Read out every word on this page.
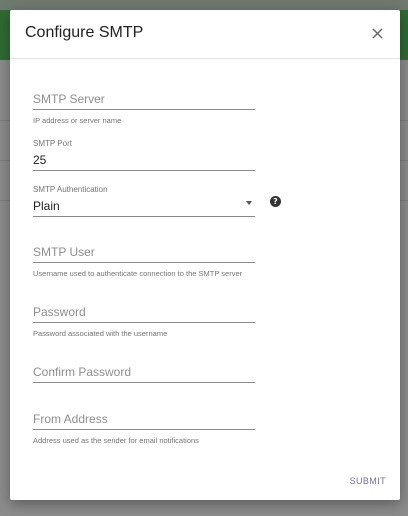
Configure SMTP
SMTP Server
IP address or server name
SMTP Port
25
SMTP Authentication
Plain	?
SMTP User
Username used to authenticate connection to the SMTP server
Password
Password associated with the username
Confirm Password
From Address
Address used as the sender for email notifications
SUBMIT
